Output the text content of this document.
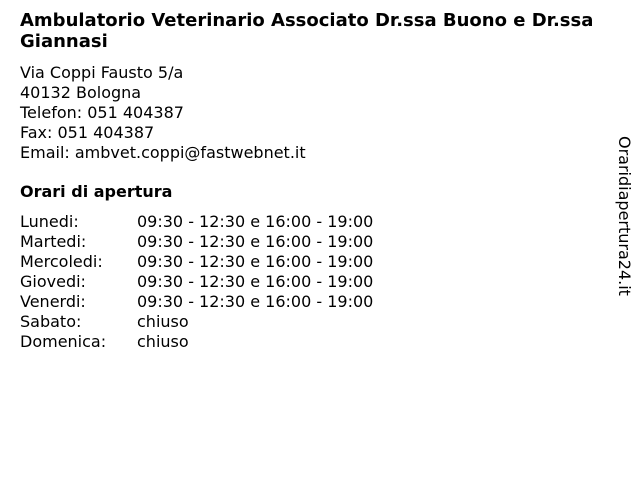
Ambulatorio Veterinario Associato Dr.ssa Buono e Dr.ssa Giannasi
Via Coppi Fausto 5/a
40132 Bologna
Telefon: 051 404387
Fax: 051 404387
Email: ambvet.coppi@fastwebnet.it
Orari di apertura
Lunedi:	09:30 - 12:30 e 16:00 - 19:00
Martedi:	09:30 - 12:30 e 16:00 - 19:00
Mercoledi:	09:30 - 12:30 e 16:00 - 19:00
Giovedi:	09:30 - 12:30 e 16:00 - 19:00
Venerdi:	09:30 - 12:30 e 16:00 - 19:00
Sabato:	chiuso
Domenica:	chiuso
Oraridiapertura24.it
